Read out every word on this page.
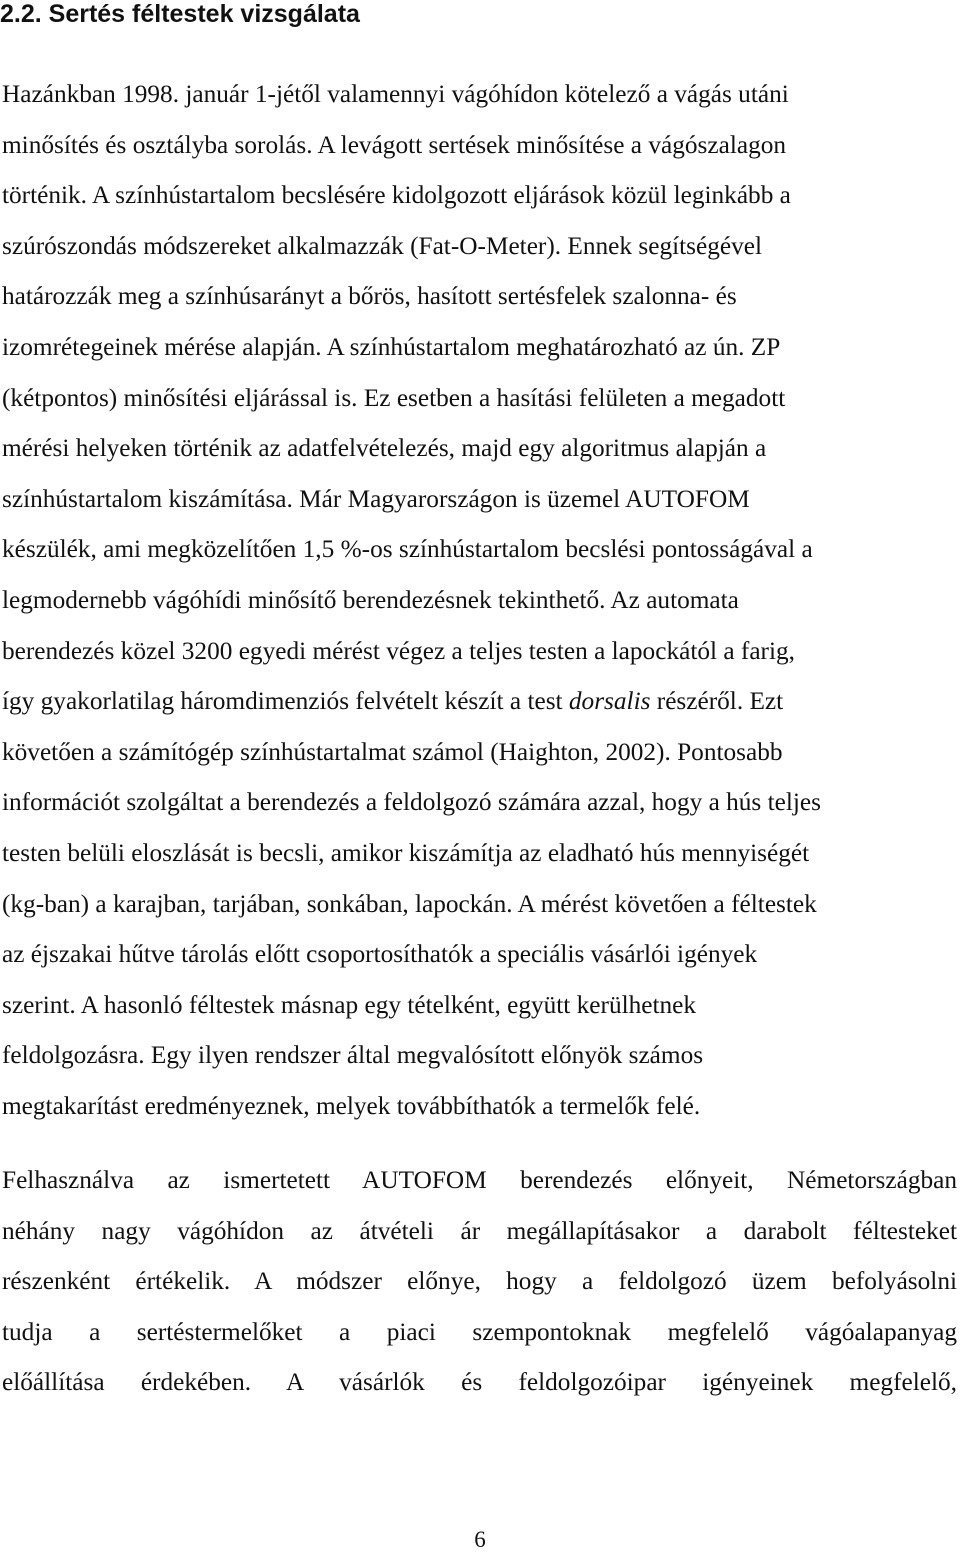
2.2. Sertés féltestek vizsgálata
Hazánkban 1998. január 1-jétől valamennyi vágóhídon kötelező a vágás utáni
minősítés és osztályba sorolás. A levágott sertések minősítése a vágószalagon
történik. A színhústartalom becslésére kidolgozott eljárások közül leginkább a
szúrószondás módszereket alkalmazzák (Fat-O-Meter). Ennek segítségével
határozzák meg a színhúsarányt a bőrös, hasított sertésfelek szalonna- és
izomrétegeinek mérése alapján. A színhústartalom meghatározható az ún. ZP
(kétpontos) minősítési eljárással is. Ez esetben a hasítási felületen a megadott
mérési helyeken történik az adatfelvételezés, majd egy algoritmus alapján a
színhústartalom kiszámítása. Már Magyarországon is üzemel AUTOFOM
készülék, ami megközelítően 1,5 %-os színhústartalom becslési pontosságával a
legmodernebb vágóhídi minősítő berendezésnek tekinthető. Az automata
berendezés közel 3200 egyedi mérést végez a teljes testen a lapockától a farig,
így gyakorlatilag háromdimenziós felvételt készít a test dorsalis részéről. Ezt
követően a számítógép színhústartalmat számol (Haighton, 2002). Pontosabb
információt szolgáltat a berendezés a feldolgozó számára azzal, hogy a hús teljes
testen belüli eloszlását is becsli, amikor kiszámítja az eladható hús mennyiségét
(kg-ban) a karajban, tarjában, sonkában, lapockán. A mérést követően a féltestek
az éjszakai hűtve tárolás előtt csoportosíthatók a speciális vásárlói igények
szerint. A hasonló féltestek másnap egy tételként, együtt kerülhetnek
feldolgozásra. Egy ilyen rendszer által megvalósított előnyök számos
megtakarítást eredményeznek, melyek továbbíthatók a termelők felé.
Felhasználva az ismertetett AUTOFOM berendezés előnyeit, Németországban
néhány nagy vágóhídon az átvételi ár megállapításakor a darabolt féltesteket
részenként értékelik. A módszer előnye, hogy a feldolgozó üzem befolyásolni
tudja a sertéstermelőket a piaci szempontoknak megfelelő vágóalapanyag
előállítása érdekében. A vásárlók és feldolgozóipar igényeinek megfelelő,
6
